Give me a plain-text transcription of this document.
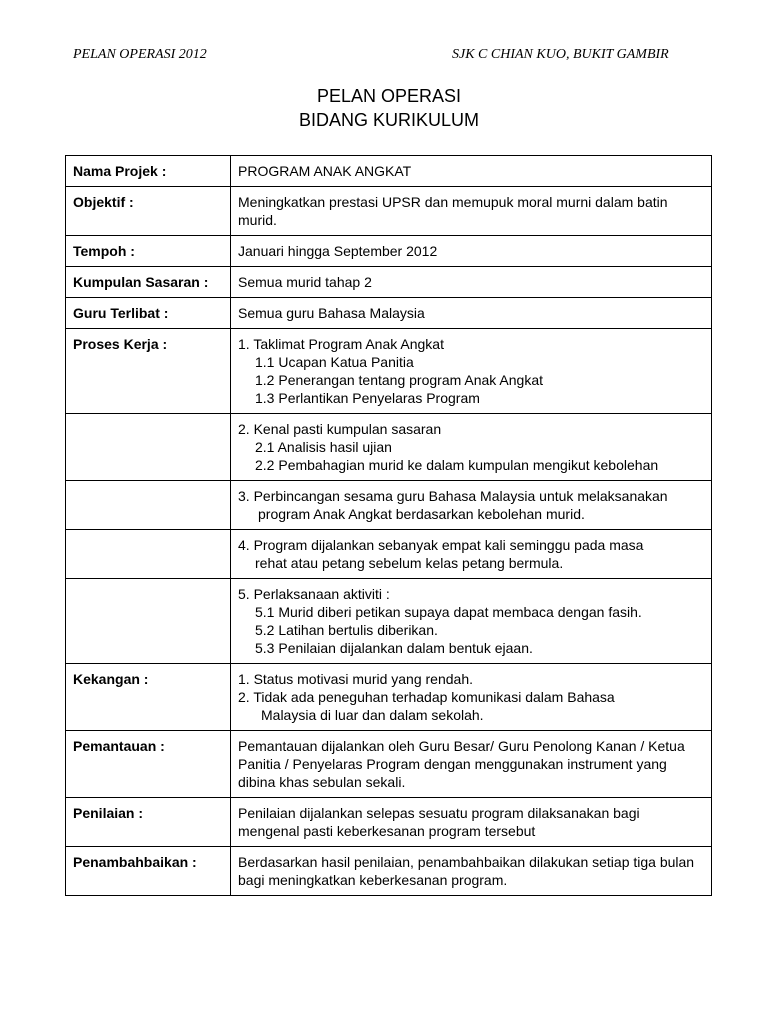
PELAN OPERASI 2012	SJK C CHIAN KUO, BUKIT GAMBIR
PELAN OPERASI
BIDANG KURIKULUM
Nama Projek :	PROGRAM ANAK ANGKAT
Objektif :	Meningkatkan prestasi UPSR dan memupuk moral murni dalam batin murid.
Tempoh :	Januari hingga September 2012
Kumpulan Sasaran :	Semua murid tahap 2
Guru Terlibat :	Semua guru Bahasa Malaysia
Proses Kerja :	1. Taklimat Program Anak Angkat
1.1 Ucapan Katua Panitia
1.2 Penerangan tentang program Anak Angkat
1.3 Perlantikan Penyelaras Program

	2. Kenal pasti kumpulan sasaran
2.1 Analisis hasil ujian
2.2 Pembahagian murid ke dalam kumpulan mengikut kebolehan

	3. Perbincangan sesama guru Bahasa Malaysia untuk melaksanakan
program Anak Angkat berdasarkan kebolehan murid.

	4. Program dijalankan sebanyak empat kali seminggu pada masa
rehat atau petang sebelum kelas petang bermula.

	5. Perlaksanaan aktiviti :
5.1 Murid diberi petikan supaya dapat membaca dengan fasih.
5.2 Latihan bertulis diberikan.
5.3 Penilaian dijalankan dalam bentuk ejaan.

Kekangan :	1. Status motivasi murid yang rendah.
2. Tidak ada peneguhan terhadap komunikasi dalam Bahasa
Malaysia di luar dan dalam sekolah.

Pemantauan :	Pemantauan dijalankan oleh Guru Besar/ Guru Penolong Kanan / Ketua Panitia / Penyelaras Program dengan menggunakan instrument yang dibina khas sebulan sekali.
Penilaian :	Penilaian dijalankan selepas sesuatu program dilaksanakan bagi mengenal pasti keberkesanan program tersebut
Penambahbaikan :	Berdasarkan hasil penilaian, penambahbaikan dilakukan setiap tiga bulan bagi meningkatkan keberkesanan program.
